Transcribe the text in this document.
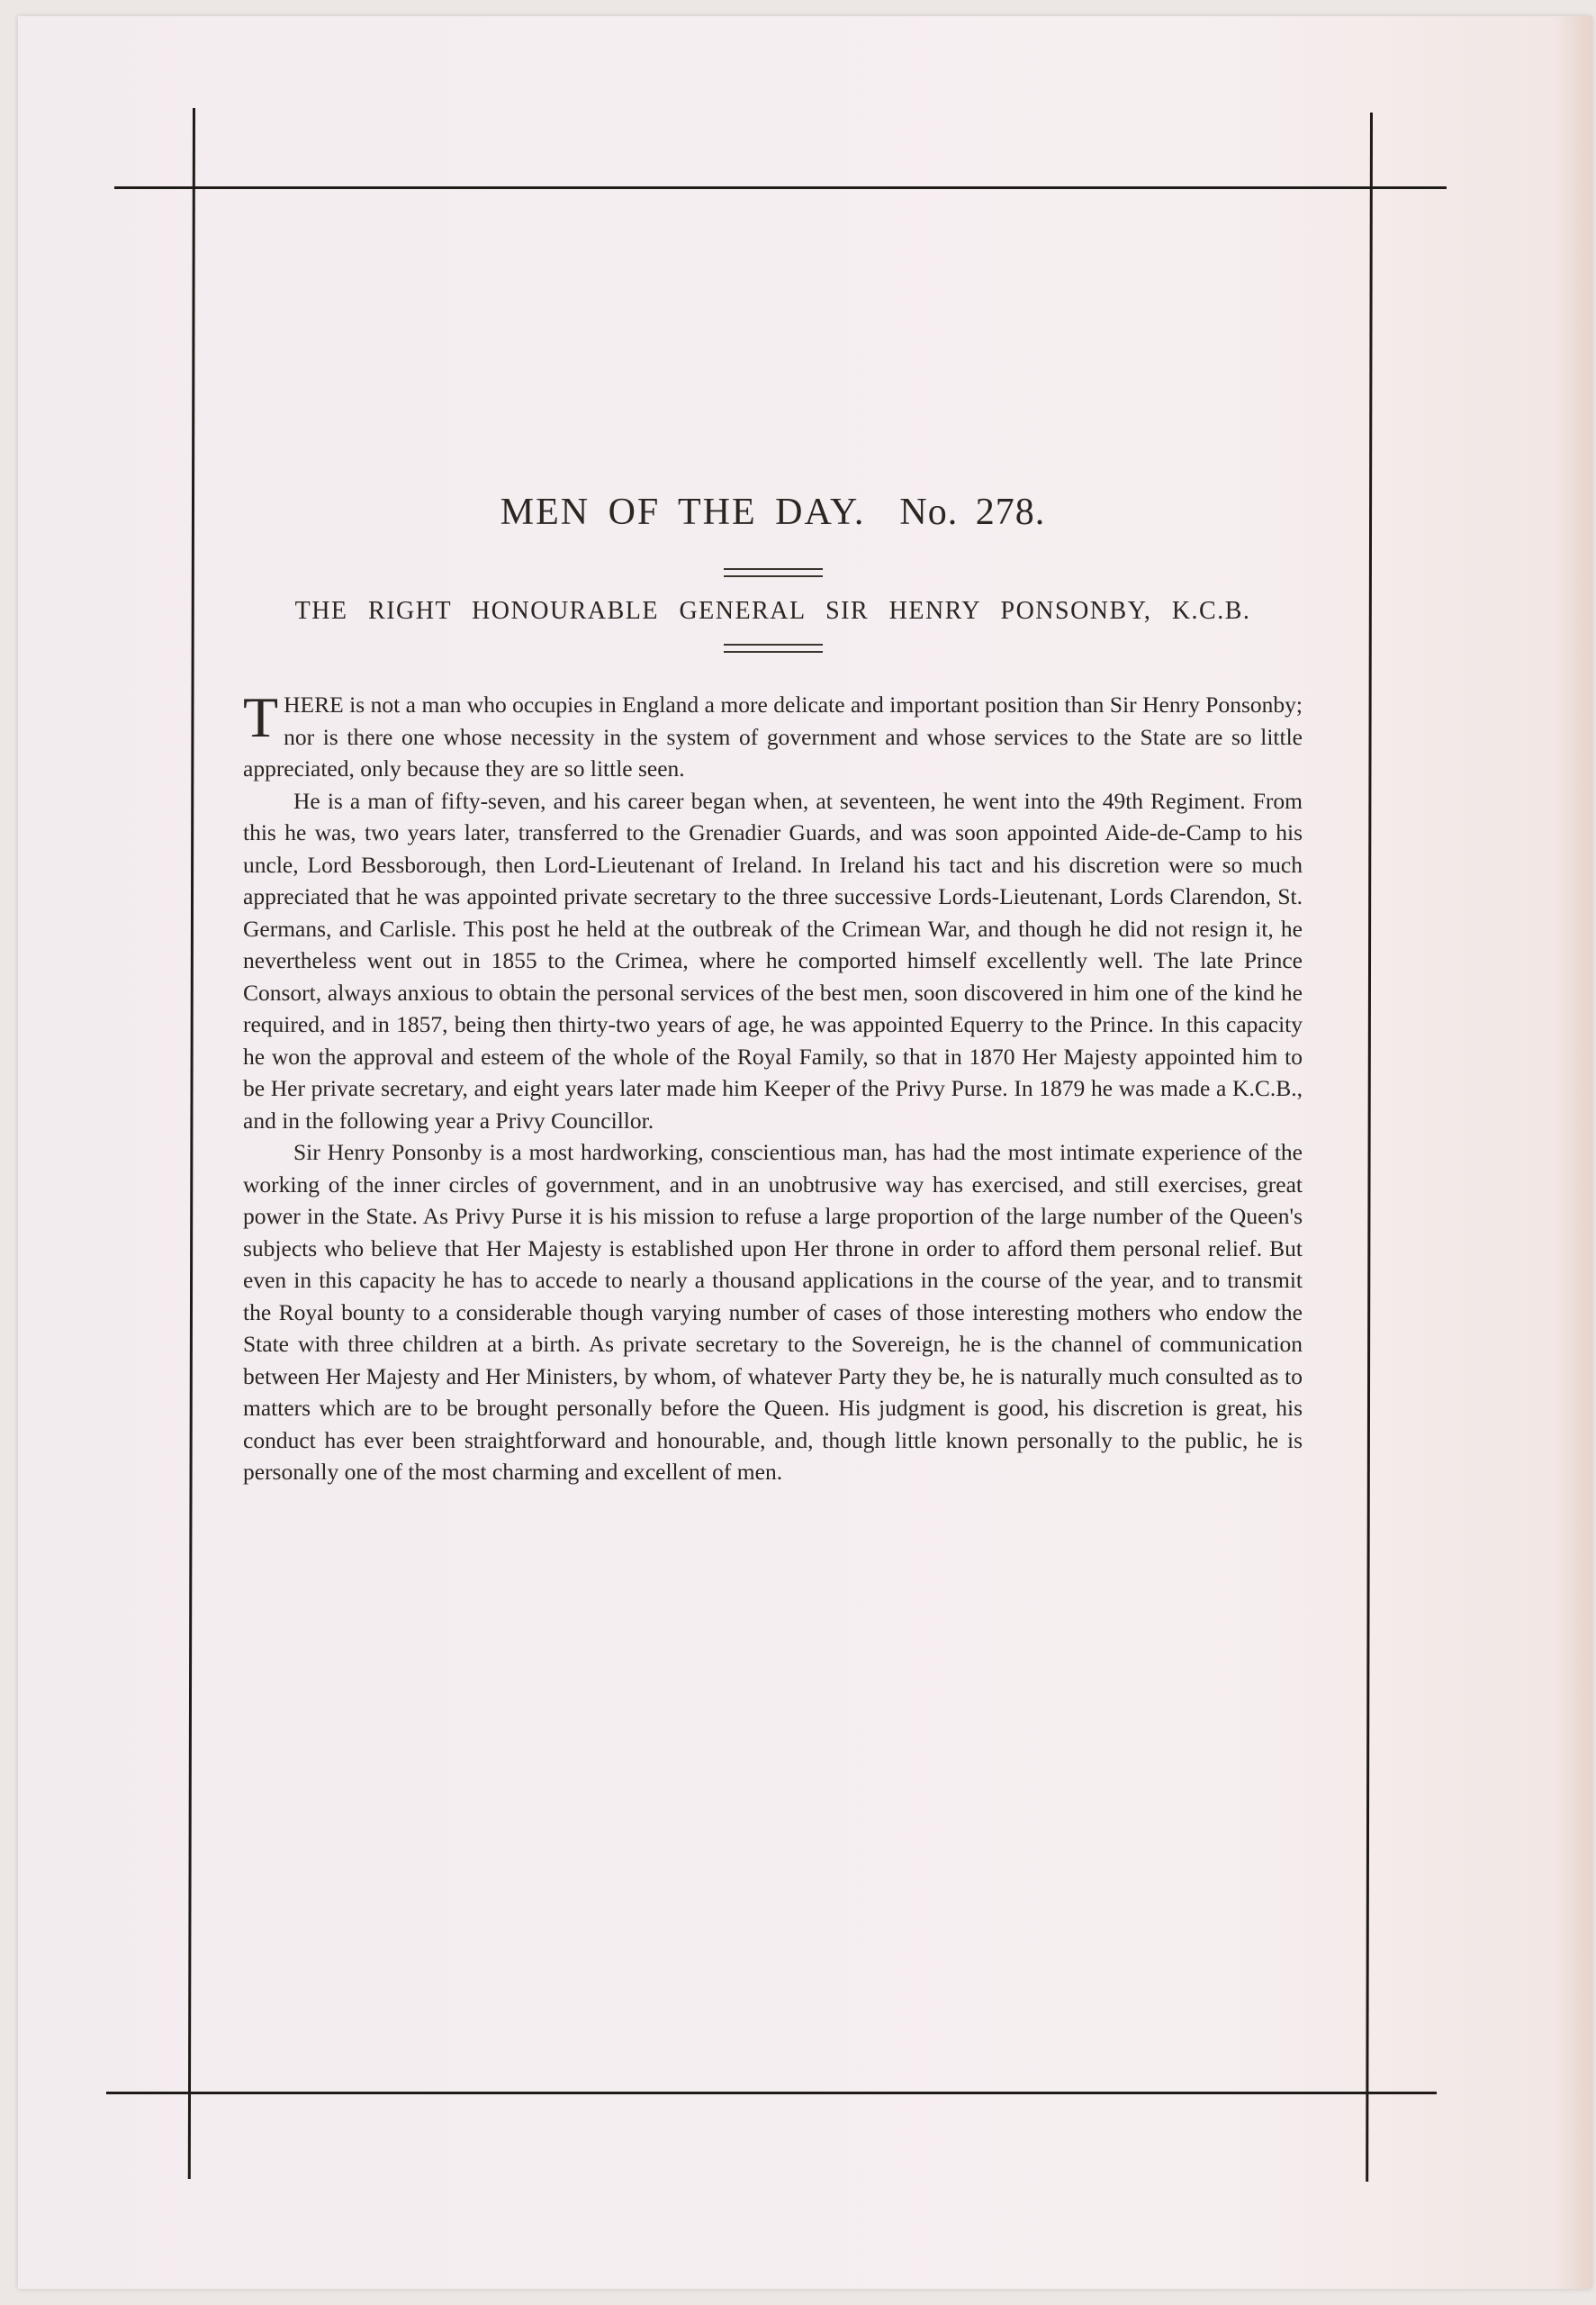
MEN OF THE DAY. No. 278.
THE RIGHT HONOURABLE GENERAL SIR HENRY PONSONBY, K.C.B.

THERE is not a man who occupies in England a more delicate and important position than Sir Henry Ponsonby; nor is there one whose necessity in the system of government and whose services to the State are so little appreciated, only because they are so little seen.

He is a man of fifty-seven, and his career began when, at seventeen, he went into the 49th Regiment. From this he was, two years later, transferred to the Grenadier Guards, and was soon appointed Aide-de-Camp to his uncle, Lord Bessborough, then Lord-Lieutenant of Ireland. In Ireland his tact and his discretion were so much appreciated that he was appointed private secretary to the three successive Lords-Lieutenant, Lords Clarendon, St. Germans, and Carlisle. This post he held at the outbreak of the Crimean War, and though he did not resign it, he nevertheless went out in 1855 to the Crimea, where he comported himself excellently well. The late Prince Consort, always anxious to obtain the personal services of the best men, soon discovered in him one of the kind he required, and in 1857, being then thirty-two years of age, he was appointed Equerry to the Prince. In this capacity he won the approval and esteem of the whole of the Royal Family, so that in 1870 Her Majesty appointed him to be Her private secretary, and eight years later made him Keeper of the Privy Purse. In 1879 he was made a K.C.B., and in the following year a Privy Councillor.

Sir Henry Ponsonby is a most hardworking, conscientious man, has had the most intimate experience of the working of the inner circles of government, and in an unobtrusive way has exercised, and still exercises, great power in the State. As Privy Purse it is his mission to refuse a large proportion of the large number of the Queen's subjects who believe that Her Majesty is established upon Her throne in order to afford them personal relief. But even in this capacity he has to accede to nearly a thousand applications in the course of the year, and to transmit the Royal bounty to a considerable though varying number of cases of those interesting mothers who endow the State with three children at a birth. As private secretary to the Sovereign, he is the channel of communication between Her Majesty and Her Ministers, by whom, of whatever Party they be, he is naturally much consulted as to matters which are to be brought personally before the Queen. His judgment is good, his discretion is great, his conduct has ever been straightforward and honourable, and, though little known personally to the public, he is personally one of the most charming and excellent of men.
